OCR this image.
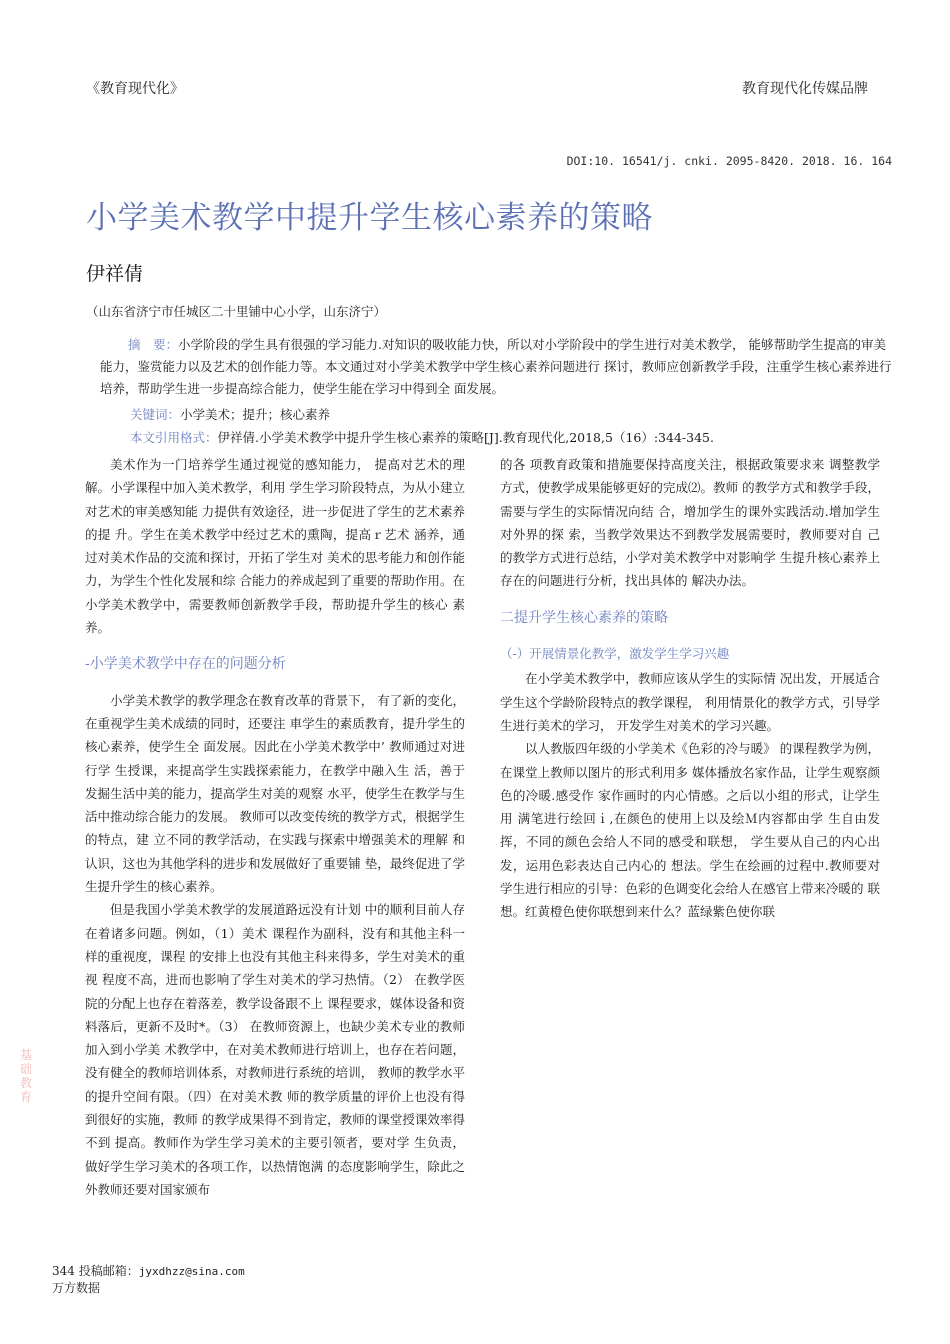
《教育现代化》	教育现代化传媒品牌
DOI:10. 16541/j. cnki. 2095-8420. 2018. 16. 164
小学美术教学中提升学生核心素养的策略
伊祥倩
（山东省济宁市任城区二十里铺中心小学，山东济宁）
摘　要：小学阶段的学生具有很强的学习能力.对知识的吸收能力快，所以对小学阶段中的学生进行对美术教学， 能够帮助学生提高的审美能力，鉴赏能力以及艺术的创作能力等。本文通过对小学美术教学中学生核心素养问题进行 探讨，教师应创新教学手段，注重学生核心素养进行培养，帮助学生进一步提高综合能力，使学生能在学习中得到全 面发展。
关键词：小学美术；提升；核心素养
本文引用格式：伊祥倩.小学美术教学中提升学生核心素养的策略[J].教育现代化,2018,5（16）:344-345.

美术作为一门培养学生通过视觉的感知能力， 提高对艺术的理解。小学课程中加入美术教学，利用 学生学习阶段特点，为从小建立对艺术的审美感知能 力提供有效途径，进一步促进了学生的艺术素养的提 升。学生在美术教学中经过艺术的熏陶，提高ｒ艺术 涵养，通过对美术作品的交流和探讨，开拓了学生对 美术的思考能力和创作能力，为学生个性化发展和综 合能力的养成起到了重要的帮助作用。在小学美术教学中，需要教师创新教学手段，帮助提升学生的核心 素养。

-小学美术教学中存在的问题分析

小学美术教学的教学理念在教育改革的背景下， 有了新的变化，在重视学生美术成绩的同时，还要注 車学生的素质教育，提升学生的核心素养，使学生全 面发展。因此在小学美术教学中’ 教师通过对进行学 生授课，来提高学生实践探索能力，在教学中融入生 活，善于发掘生活中美的能力，提高学生对美的观察 水平，使学生在教学与生活中推动综合能力的发展。 教师可以改变传统的教学方式，根据学生的特点，建 立不同的教学活动，在实践与探索中增强美术的理解 和认识，这也为其他学科的进步和发展做好了重要铺 垫，最终促进了学生提升学生的核心素养。

但是我国小学美术教学的发展道路远没有计划 中的顺利目前人存在着诸多问题。例如，（1）美术 课程作为副科，没有和其他主科一样的重视度，课程 的安排上也没有其他主科来得多，学生对美术的重视 程度不高，进而也影响了学生对美术的学习热情。（2） 在教学医院的分配上也存在着落差，教学设备跟不上 课程要求，媒体设备和资料落后，更新不及时*。（3） 在教师资源上，也缺少美术专业的教师加入到小学美 术教学中，在对美术教师进行培训上，也存在若问题， 没有健全的教师培训体系，对教师进行系统的培训， 教师的教学水平的提升空间有限。（四）在对美术教 师的教学质量的评价上也没有得到很好的实施，教师 的教学成果得不到肯定，教师的课堂授课效率得不到 提高。教师作为学生学习美术的主要引领者，要对学 生负责，做好学生学习美术的各项工作，以热情饱满 的态度影响学生，除此之外教师还要对国家颁布

的各 项教育政策和措施要保持高度关注，根据政策要求来 调整教学方式，使教学成果能够更好的完成⑵。教师 的教学方式和教学手段，需要与学生的实际情况向结 合，增加学生的课外实践活动.增加学生对外界的探 索，当教学效果达不到教学发展需要时，教师要对自 己的教学方式进行总结，小学对美术教学中对影响学 生提升核心素养上存在的问题进行分析，找出具体的 解决办法。

二提升学生核心素养的策略
（-）开展情景化教学，激发学生学习兴趣

在小学美术教学中，教师应该从学生的实际情 况出发，开展适合学生这个学龄阶段特点的教学课程， 利用情景化的教学方式，引导学生进行美术的学习， 开发学生对美术的学习兴趣。

以人教版四年级的小学美术《色彩的冷与暖》 的课程教学为例，在课堂上教师以图片的形式利用多 媒体播放名家作品，让学生观察颜色的冷暖.感受作 家作画时的内心情感。之后以小组的形式，让学生用 满笔进行绘回ｉ,在颜色的使用上以及绘Ｍ内容都由学 生自由发挥，不同的颜色会给人不同的感受和联想， 学生要从自己的内心出发，运用色彩表达自己内心的 想法。学生在绘画的过程中.教师要对学生进行相应的引导：色彩的色调变化会给人在感官上带来冷暖的 联想。红黄橙色使你联想到来什么？蓝绿紫色使你联

基础教育
344 投稿邮箱：jyxdhzz@sina.com
万方数据
